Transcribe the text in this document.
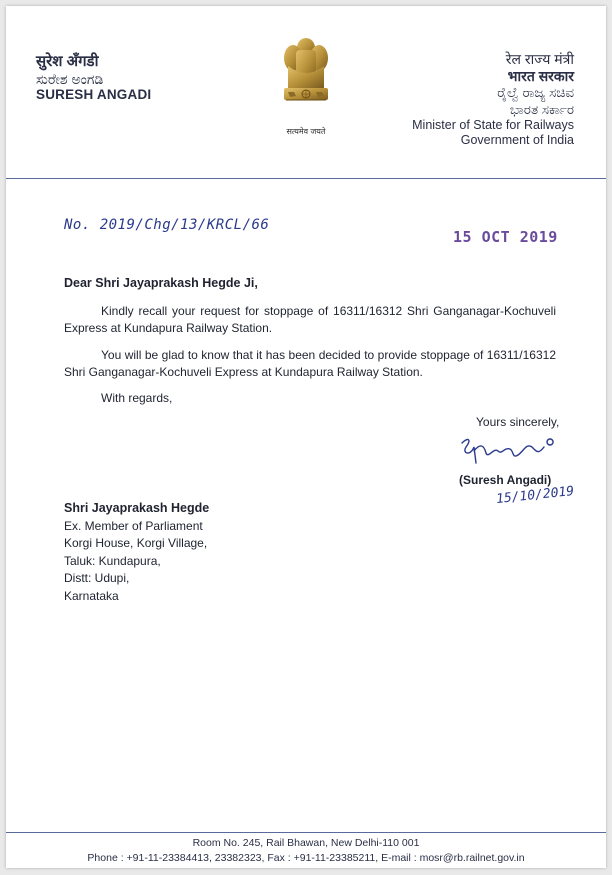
सुरेश अँगडी
ಸುರೇಶ ಅಂಗಡಿ
SURESH ANGADI
सत्यमेव जयते
रेल राज्य मंत्री
भारत सरकार
ರೈಲ್ವೆ ರಾಜ್ಯ ಸಚಿವ
ಭಾರತ ಸರ್ಕಾರ
Minister of State for Railways
Government of India
No. 2019/Chg/13/KRCL/66
15 OCT 2019
Dear Shri Jayaprakash Hegde Ji,
Kindly recall your request for stoppage of 16311/16312 Shri Ganganagar-Kochuveli Express at Kundapura Railway Station.
You will be glad to know that it has been decided to provide stoppage of 16311/16312 Shri Ganganagar-Kochuveli Express at Kundapura Railway Station.
With regards,
Yours sincerely,
(Suresh Angadi)
15/10/2019
Shri Jayaprakash Hegde
Ex. Member of Parliament
Korgi House, Korgi Village,
Taluk: Kundapura,
Distt: Udupi,
Karnataka
Room No. 245, Rail Bhawan, New Delhi-110 001
Phone : +91-11-23384413, 23382323, Fax : +91-11-23385211, E-mail : mosr@rb.railnet.gov.in
